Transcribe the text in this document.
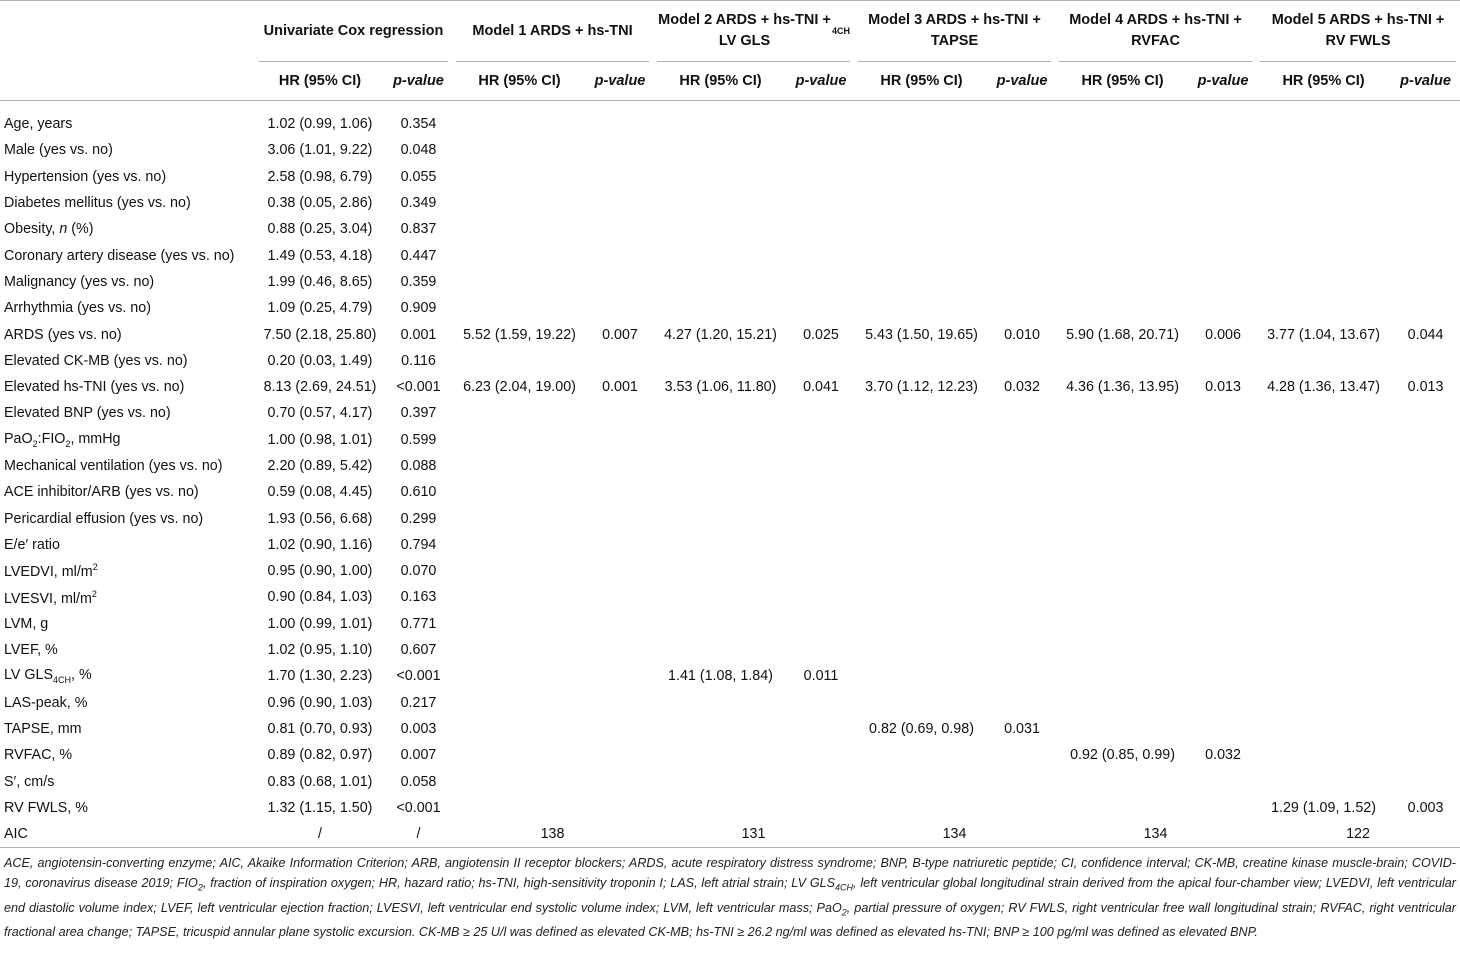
Univariate Cox regression		Model 1 ARDS + hs-TNI		Model 2 ARDS + hs-TNI + LV GLS
4CH		Model 3 ARDS + hs-TNI + TAPSE		Model 4 ARDS + hs-TNI + RVFAC		Model 5 ARDS + hs-TNI + RV FWLS	

	HR (95% CI)	p-value	HR (95% CI)	p-value	HR (95% CI)	p-value	HR (95% CI)	p-value	HR (95% CI)	p-value	HR (95% CI)	p-value

Age, years	1.02 (0.99, 1.06)	0.354										
Male (yes vs. no)	3.06 (1.01, 9.22)	0.048										
Hypertension (yes vs. no)	2.58 (0.98, 6.79)	0.055										
Diabetes mellitus (yes vs. no)	0.38 (0.05, 2.86)	0.349										
Obesity, n (%)	0.88 (0.25, 3.04)	0.837										
Coronary artery disease (yes vs. no)	1.49 (0.53, 4.18)	0.447										
Malignancy (yes vs. no)	1.99 (0.46, 8.65)	0.359										
Arrhythmia (yes vs. no)	1.09 (0.25, 4.79)	0.909										
ARDS (yes vs. no)	7.50 (2.18, 25.80)	0.001	5.52 (1.59, 19.22)	0.007	4.27 (1.20, 15.21)	0.025	5.43 (1.50, 19.65)	0.010	5.90 (1.68, 20.71)	0.006	3.77 (1.04, 13.67)	0.044
Elevated CK-MB (yes vs. no)	0.20 (0.03, 1.49)	0.116										
Elevated hs-TNI (yes vs. no)	8.13 (2.69, 24.51)	<0.001	6.23 (2.04, 19.00)	0.001	3.53 (1.06, 11.80)	0.041	3.70 (1.12, 12.23)	0.032	4.36 (1.36, 13.95)	0.013	4.28 (1.36, 13.47)	0.013
Elevated BNP (yes vs. no)	0.70 (0.57, 4.17)	0.397										
$PaO_2:FIO_2$, mmHg	1.00 (0.98, 1.01)	0.599										
Mechanical ventilation (yes vs. no)	2.20 (0.89, 5.42)	0.088										
ACE inhibitor/ARB (yes vs. no)	0.59 (0.08, 4.45)	0.610										
Pericardial effusion (yes vs. no)	1.93 (0.56, 6.68)	0.299										
E/e′ ratio	1.02 (0.90, 1.16)	0.794										
LVEDVI, $ml/m^2$	0.95 (0.90, 1.00)	0.070										
LVESVI, $ml/m^2$	0.90 (0.84, 1.03)	0.163										
LVM, g	1.00 (0.99, 1.01)	0.771										
LVEF, %	1.02 (0.95, 1.10)	0.607										
LV $GLS_{4CH}$, %	1.70 (1.30, 2.23)	<0.001			1.41 (1.08, 1.84)	0.011						
LAS-peak, %	0.96 (0.90, 1.03)	0.217										
TAPSE, mm	0.81 (0.70, 0.93)	0.003					0.82 (0.69, 0.98)	0.031				
RVFAC, %	0.89 (0.82, 0.97)	0.007							0.92 (0.85, 0.99)	0.032		
S′, cm/s	0.83 (0.68, 1.01)	0.058										
RV FWLS, %	1.32 (1.15, 1.50)	<0.001									1.29 (1.09, 1.52)	0.003
AIC	/	/	138		131		134		134		122	
ACE, angiotensin-converting enzyme; AIC, Akaike Information Criterion; ARB, angiotensin II receptor blockers; ARDS, acute respiratory distress syndrome; BNP, B-type natriuretic peptide; CI, confidence interval; CK-MB, creatine kinase muscle-brain; COVID-19, coronavirus disease 2019; $FIO_2$, fraction of inspiration oxygen; HR, hazard ratio; hs-TNI, high-sensitivity troponin I; LAS, left atrial strain; LV $GLS_{4CH}$, left ventricular global longitudinal strain derived from the apical four-chamber view; LVEDVI, left ventricular end diastolic volume index; LVEF, left ventricular ejection fraction; LVESVI, left ventricular end systolic volume index; LVM, left ventricular mass; PaO$_2$, partial pressure of oxygen; RV FWLS, right ventricular free wall longitudinal strain; RVFAC, right ventricular fractional area change; TAPSE, tricuspid annular plane systolic excursion. CK-MB ≥ 25 U/l was defined as elevated CK-MB; hs-TNI ≥ 26.2 ng/ml was defined as elevated hs-TNI; BNP ≥ 100 pg/ml was defined as elevated BNP.
